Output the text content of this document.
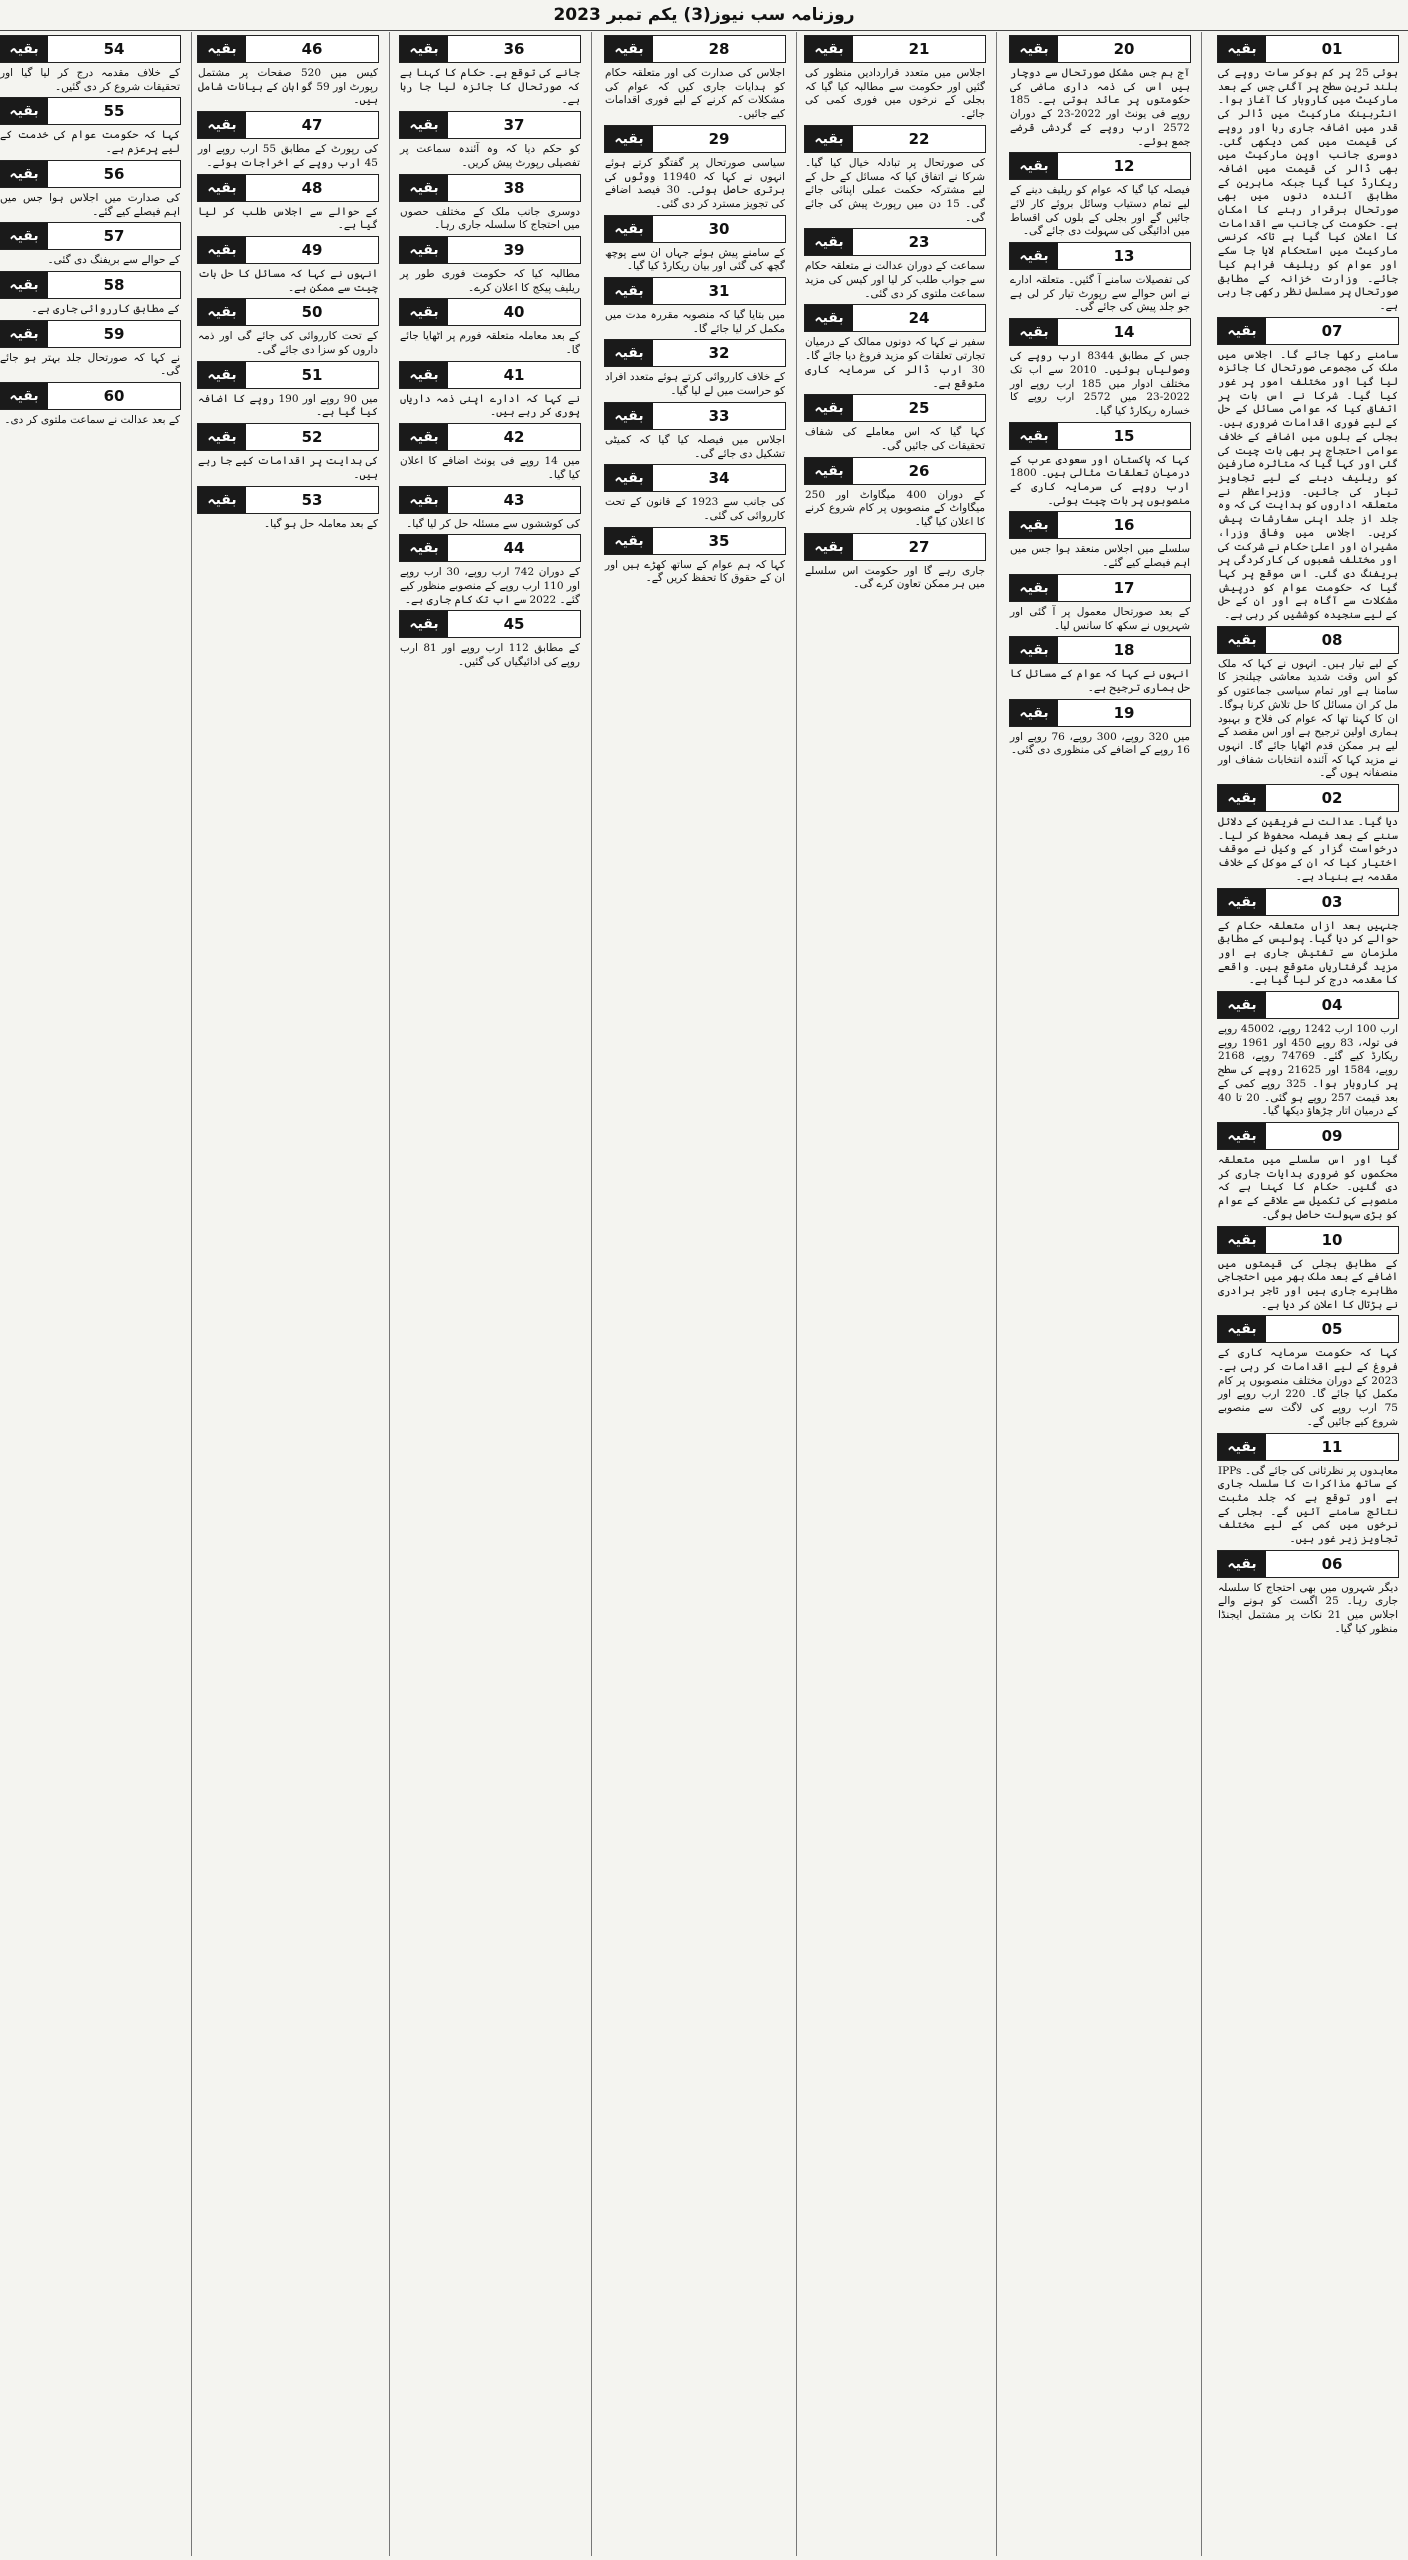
روزنامہ سب نیوز(3) یکم تمبر 2023
01
بقیہ

ہوئی 25 پر کم ہوکر سات روپے کی بلند ترین سطح پر آگئی جس کے بعد مارکیٹ میں کاروبار کا آغاز ہوا۔ انٹربینک مارکیٹ میں ڈالر کی قدر میں اضافہ جاری رہا اور روپے کی قیمت میں کمی دیکھی گئی۔ دوسری جانب اوپن مارکیٹ میں بھی ڈالر کی قیمت میں اضافہ ریکارڈ کیا گیا جبکہ ماہرین کے مطابق آئندہ دنوں میں بھی صورتحال برقرار رہنے کا امکان ہے۔ حکومت کی جانب سے اقدامات کا اعلان کیا گیا ہے تاکہ کرنسی مارکیٹ میں استحکام لایا جا سکے اور عوام کو ریلیف فراہم کیا جائے۔ وزارت خزانہ کے مطابق صورتحال پر مسلسل نظر رکھی جا رہی ہے۔

07
بقیہ

سامنے رکھا جائے گا۔ اجلاس میں ملک کی مجموعی صورتحال کا جائزہ لیا گیا اور مختلف امور پر غور کیا گیا۔ شرکا نے اس بات پر اتفاق کیا کہ عوامی مسائل کے حل کے لیے فوری اقدامات ضروری ہیں۔ بجلی کے بلوں میں اضافے کے خلاف عوامی احتجاج پر بھی بات چیت کی گئی اور کہا گیا کہ متاثرہ صارفین کو ریلیف دینے کے لیے تجاویز تیار کی جائیں۔ وزیراعظم نے متعلقہ اداروں کو ہدایت کی کہ وہ جلد از جلد اپنی سفارشات پیش کریں۔ اجلاس میں وفاقی وزرا، مشیران اور اعلیٰ حکام نے شرکت کی اور مختلف شعبوں کی کارکردگی پر بریفنگ دی گئی۔ اس موقع پر کہا گیا کہ حکومت عوام کو درپیش مشکلات سے آگاہ ہے اور ان کے حل کے لیے سنجیدہ کوششیں کر رہی ہے۔

08
بقیہ

کے لیے تیار ہیں۔ انہوں نے کہا کہ ملک کو اس وقت شدید معاشی چیلنجز کا سامنا ہے اور تمام سیاسی جماعتوں کو مل کر ان مسائل کا حل تلاش کرنا ہوگا۔ ان کا کہنا تھا کہ عوام کی فلاح و بہبود ہماری اولین ترجیح ہے اور اس مقصد کے لیے ہر ممکن قدم اٹھایا جائے گا۔ انہوں نے مزید کہا کہ آئندہ انتخابات شفاف اور منصفانہ ہوں گے۔

02
بقیہ

دیا گیا۔ عدالت نے فریقین کے دلائل سننے کے بعد فیصلہ محفوظ کر لیا۔ درخواست گزار کے وکیل نے موقف اختیار کیا کہ ان کے موکل کے خلاف مقدمہ بے بنیاد ہے۔

03
بقیہ

جنہیں بعد ازاں متعلقہ حکام کے حوالے کر دیا گیا۔ پولیس کے مطابق ملزمان سے تفتیش جاری ہے اور مزید گرفتاریاں متوقع ہیں۔ واقعے کا مقدمہ درج کر لیا گیا ہے۔

04
بقیہ

ارب 100 ارب 1242 روپے، 45002 روپے فی تولہ، 83 روپے 450 اور 1961 روپے ریکارڈ کیے گئے۔ 74769 روپے، 2168 روپے، 1584 اور 21625 روپے کی سطح پر کاروبار ہوا۔ 325 روپے کمی کے بعد قیمت 257 روپے ہو گئی۔ 20 تا 40 کے درمیان اتار چڑھاؤ دیکھا گیا۔

09
بقیہ

گیا اور اس سلسلے میں متعلقہ محکموں کو ضروری ہدایات جاری کر دی گئیں۔ حکام کا کہنا ہے کہ منصوبے کی تکمیل سے علاقے کے عوام کو بڑی سہولت حاصل ہوگی۔

10
بقیہ

کے مطابق بجلی کی قیمتوں میں اضافے کے بعد ملک بھر میں احتجاجی مظاہرے جاری ہیں اور تاجر برادری نے ہڑتال کا اعلان کر دیا ہے۔

05
بقیہ

کہا کہ حکومت سرمایہ کاری کے فروغ کے لیے اقدامات کر رہی ہے۔ 2023 کے دوران مختلف منصوبوں پر کام مکمل کیا جائے گا۔ 220 ارب روپے اور 75 ارب روپے کی لاگت سے منصوبے شروع کیے جائیں گے۔

11
بقیہ

معاہدوں پر نظرثانی کی جائے گی۔ IPPs کے ساتھ مذاکرات کا سلسلہ جاری ہے اور توقع ہے کہ جلد مثبت نتائج سامنے آئیں گے۔ بجلی کے نرخوں میں کمی کے لیے مختلف تجاویز زیر غور ہیں۔

06
بقیہ

دیگر شہروں میں بھی احتجاج کا سلسلہ جاری رہا۔ 25 اگست کو ہونے والے اجلاس میں 21 نکات پر مشتمل ایجنڈا منظور کیا گیا۔

20
بقیہ

آج ہم جس مشکل صورتحال سے دوچار ہیں اس کی ذمہ داری ماضی کی حکومتوں پر عائد ہوتی ہے۔ 185 روپے فی یونٹ اور 2022-23 کے دوران 2572 ارب روپے کے گردشی قرضے جمع ہوئے۔

12
بقیہ

فیصلہ کیا گیا کہ عوام کو ریلیف دینے کے لیے تمام دستیاب وسائل بروئے کار لائے جائیں گے اور بجلی کے بلوں کی اقساط میں ادائیگی کی سہولت دی جائے گی۔

13
بقیہ

کی تفصیلات سامنے آ گئیں۔ متعلقہ ادارے نے اس حوالے سے رپورٹ تیار کر لی ہے جو جلد پیش کی جائے گی۔

14
بقیہ

جس کے مطابق 8344 ارب روپے کی وصولیاں ہوئیں۔ 2010 سے اب تک مختلف ادوار میں 185 ارب روپے اور 2022-23 میں 2572 ارب روپے کا خسارہ ریکارڈ کیا گیا۔

15
بقیہ

کہا کہ پاکستان اور سعودی عرب کے درمیان تعلقات مثالی ہیں۔ 1800 ارب روپے کی سرمایہ کاری کے منصوبوں پر بات چیت ہوئی۔

16
بقیہ

سلسلے میں اجلاس منعقد ہوا جس میں اہم فیصلے کیے گئے۔

17
بقیہ

کے بعد صورتحال معمول پر آ گئی اور شہریوں نے سکھ کا سانس لیا۔

18
بقیہ

انہوں نے کہا کہ عوام کے مسائل کا حل ہماری ترجیح ہے۔

19
بقیہ

میں 320 روپے، 300 روپے، 76 روپے اور 16 روپے کے اضافے کی منظوری دی گئی۔

21
بقیہ

اجلاس میں متعدد قراردادیں منظور کی گئیں اور حکومت سے مطالبہ کیا گیا کہ بجلی کے نرخوں میں فوری کمی کی جائے۔

22
بقیہ

کی صورتحال پر تبادلہ خیال کیا گیا۔ شرکا نے اتفاق کیا کہ مسائل کے حل کے لیے مشترکہ حکمت عملی اپنائی جائے گی۔ 15 دن میں رپورٹ پیش کی جائے گی۔

23
بقیہ

سماعت کے دوران عدالت نے متعلقہ حکام سے جواب طلب کر لیا اور کیس کی مزید سماعت ملتوی کر دی گئی۔

24
بقیہ

سفیر نے کہا کہ دونوں ممالک کے درمیان تجارتی تعلقات کو مزید فروغ دیا جائے گا۔ 30 ارب ڈالر کی سرمایہ کاری متوقع ہے۔

25
بقیہ

کہا گیا کہ اس معاملے کی شفاف تحقیقات کی جائیں گی۔

26
بقیہ

کے دوران 400 میگاواٹ اور 250 میگاواٹ کے منصوبوں پر کام شروع کرنے کا اعلان کیا گیا۔

27
بقیہ

جاری رہے گا اور حکومت اس سلسلے میں ہر ممکن تعاون کرے گی۔

28
بقیہ

اجلاس کی صدارت کی اور متعلقہ حکام کو ہدایات جاری کیں کہ عوام کی مشکلات کم کرنے کے لیے فوری اقدامات کیے جائیں۔

29
بقیہ

سیاسی صورتحال پر گفتگو کرتے ہوئے انہوں نے کہا کہ 11940 ووٹوں کی برتری حاصل ہوئی۔ 30 فیصد اضافے کی تجویز مسترد کر دی گئی۔

30
بقیہ

کے سامنے پیش ہوئے جہاں ان سے پوچھ گچھ کی گئی اور بیان ریکارڈ کیا گیا۔

31
بقیہ

میں بتایا گیا کہ منصوبہ مقررہ مدت میں مکمل کر لیا جائے گا۔

32
بقیہ

کے خلاف کارروائی کرتے ہوئے متعدد افراد کو حراست میں لے لیا گیا۔

33
بقیہ

اجلاس میں فیصلہ کیا گیا کہ کمیٹی تشکیل دی جائے گی۔

34
بقیہ

کی جانب سے 1923 کے قانون کے تحت کارروائی کی گئی۔

35
بقیہ

کہا کہ ہم عوام کے ساتھ کھڑے ہیں اور ان کے حقوق کا تحفظ کریں گے۔

36
بقیہ

جانے کی توقع ہے۔ حکام کا کہنا ہے کہ صورتحال کا جائزہ لیا جا رہا ہے۔

37
بقیہ

کو حکم دیا کہ وہ آئندہ سماعت پر تفصیلی رپورٹ پیش کریں۔

38
بقیہ

دوسری جانب ملک کے مختلف حصوں میں احتجاج کا سلسلہ جاری رہا۔

39
بقیہ

مطالبہ کیا کہ حکومت فوری طور پر ریلیف پیکج کا اعلان کرے۔

40
بقیہ

کے بعد معاملہ متعلقہ فورم پر اٹھایا جائے گا۔

41
بقیہ

نے کہا کہ ادارے اپنی ذمہ داریاں پوری کر رہے ہیں۔

42
بقیہ

میں 14 روپے فی یونٹ اضافے کا اعلان کیا گیا۔

43
بقیہ

کی کوششوں سے مسئلہ حل کر لیا گیا۔

44
بقیہ

کے دوران 742 ارب روپے، 30 ارب روپے اور 110 ارب روپے کے منصوبے منظور کیے گئے۔ 2022 سے اب تک کام جاری ہے۔

45
بقیہ

کے مطابق 112 ارب روپے اور 81 ارب روپے کی ادائیگیاں کی گئیں۔

46
بقیہ

کیس میں 520 صفحات پر مشتمل رپورٹ اور 59 گواہان کے بیانات شامل ہیں۔

47
بقیہ

کی رپورٹ کے مطابق 55 ارب روپے اور 45 ارب روپے کے اخراجات ہوئے۔

48
بقیہ

کے حوالے سے اجلاس طلب کر لیا گیا ہے۔

49
بقیہ

انہوں نے کہا کہ مسائل کا حل بات چیت سے ممکن ہے۔

50
بقیہ

کے تحت کارروائی کی جائے گی اور ذمہ داروں کو سزا دی جائے گی۔

51
بقیہ

میں 90 روپے اور 190 روپے کا اضافہ کیا گیا ہے۔

52
بقیہ

کی ہدایت پر اقدامات کیے جا رہے ہیں۔

53
بقیہ

کے بعد معاملہ حل ہو گیا۔

54
بقیہ

کے خلاف مقدمہ درج کر لیا گیا اور تحقیقات شروع کر دی گئیں۔

55
بقیہ

کہا کہ حکومت عوام کی خدمت کے لیے پرعزم ہے۔

56
بقیہ

کی صدارت میں اجلاس ہوا جس میں اہم فیصلے کیے گئے۔

57
بقیہ

کے حوالے سے بریفنگ دی گئی۔

58
بقیہ

کے مطابق کارروائی جاری ہے۔

59
بقیہ

نے کہا کہ صورتحال جلد بہتر ہو جائے گی۔

60
بقیہ

کے بعد عدالت نے سماعت ملتوی کر دی۔
